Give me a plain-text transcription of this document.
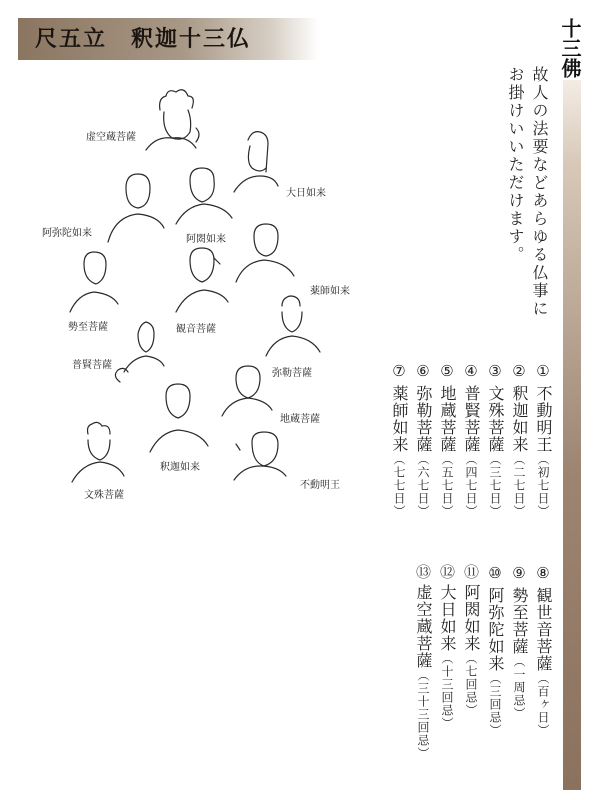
尺五立　釈迦十三仏	十三佛
故人の法要などあらゆる仏事に
お掛けいいただけます。
虚空蔵菩薩
大日如来
阿弥陀如来
阿閦如来
薬師如来
勢至菩薩	観音菩薩
普賢菩薩
弥勒菩薩
地蔵菩薩
釈迦如来
不動明王
文殊菩薩
①不動明王（初七日）
②釈迦如来（二七日）
③文殊菩薩（三七日）
④普賢菩薩（四七日）
⑤地蔵菩薩（五七日）
⑥弥勒菩薩（六七日）
⑦薬師如来（七七日）
⑧観世音菩薩（百ヶ日）
⑨勢至菩薩（一周忌）
⑩阿弥陀如来（三回忌）
⑪阿閦如来（七回忌）
⑫大日如来（十三回忌）
⑬虚空蔵菩薩（三十三回忌）
